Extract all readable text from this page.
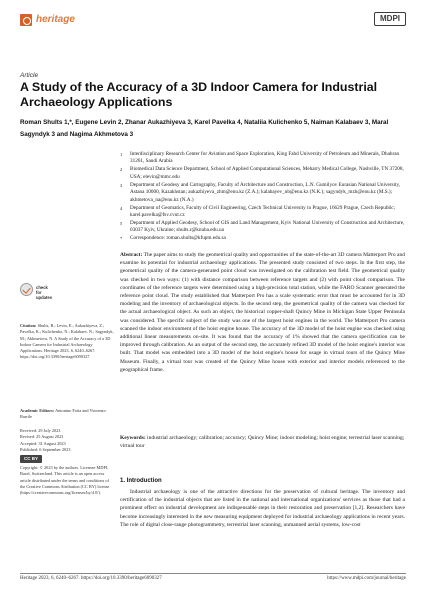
heritage	MDPI
Article
A Study of the Accuracy of a 3D Indoor Camera for Industrial Archaeology Applications
Roman Shults 1,*, Eugene Levin 2, Zhanar Aukazhiyeva 3, Karel Pavelka 4, Nataliia Kulichenko 5, Naiman Kalabaev 3, Maral Sagyndyk 3 and Nagima Akhmetova 3
1	Interdisciplinary Research Center for Aviation and Space Exploration, King Fahd University of Petroleum and Minerals, Dhahran 31261, Saudi Arabia
2	Biomedical Data Science Department, School of Applied Computational Sciences, Meharry Medical College, Nashville, TN 37208, USA; elevin@mmc.edu
3	Department of Geodesy and Cartography, Faculty of Architecture and Construction, L.N. Gumilyov Eurasian National University, Astana 10000, Kazakhstan; aukazhiyeva_zhm@enu.kz (Z.A.); kalabayev_nb@enu.kz (N.K.); sagyndyk_mzh@enu.kz (M.S.); akhmetova_na@enu.kz (N.A.)
4	Department of Geomatics, Faculty of Civil Engineering, Czech Technical University in Prague, 16629 Prague, Czech Republic; karel.pavelka@fsv.cvut.cz
5	Department of Applied Geodesy, School of GIS and Land Management, Kyiv National University of Construction and Architecture, 03037 Kyiv, Ukraine; shults.r@knuba.edu.ua
*	Correspondence: roman.shults@kfupm.edu.sa
check for
updates
Citation: Shults, R.; Levin, E.; Aukazhiyeva, Z.; Pavelka, K.; Kulichenko, N.; Kalabaev, N.; Sagyndyk, M.; Akhmetova, N. A Study of the Accuracy of a 3D Indoor Camera for Industrial Archaeology Applications. Heritage 2023, 6, 6240–6267. https://doi.org/10.3390/heritage6090327
Academic Editors: Antonino Fotia and Vincenzo Barrile
Received: 29 July 2023
Revised: 25 August 2023
Accepted: 31 August 2023
Published: 6 September 2023
CC BY
Copyright: © 2023 by the authors. Licensee MDPI, Basel, Switzerland. This article is an open access article distributed under the terms and conditions of the Creative Commons Attribution (CC BY) license (https://creativecommons.org/licenses/by/4.0/).
Abstract: The paper aims to study the geometrical quality and opportunities of the state-of-the-art 3D camera Matterport Pro and examine its potential for industrial archaeology applications. The presented study consisted of two steps. In the first step, the geometrical quality of the camera-generated point cloud was investigated on the calibration test field. The geometrical quality was checked in two ways: (1) with distance comparison between reference targets and (2) with point cloud comparison. The coordinates of the reference targets were determined using a high-precision total station, while the FARO Scanner generated the reference point cloud. The study established that Matterport Pro has a scale systematic error that must be accounted for in 3D modeling and the inventory of archaeological objects. In the second step, the geometrical quality of the camera was checked for the actual archaeological object. As such an object, the historical copper-shaft Quincy Mine in Michigan State Upper Peninsula was considered. The specific subject of the study was one of the largest hoist engines in the world. The Matterport Pro camera scanned the indoor environment of the hoist engine house. The accuracy of the 3D model of the hoist engine was checked using additional linear measurements on-site. It was found that the accuracy of 1% showed that the camera specification can be improved through calibration. As an output of the second step, the accurately refined 3D model of the hoist engine's interior was built. That model was embedded into a 3D model of the hoist engine's house for usage in virtual tours of the Quincy Mine Museum. Finally, a virtual tour was created of the Quincy Mine house with exterior and interior models referenced to the geographical frame.
Keywords: industrial archaeology; calibration; accuracy; Quincy Mine; indoor modeling; hoist engine; terrestrial laser scanning; virtual tour
1. Introduction
Industrial archaeology is one of the attractive directions for the preservation of cultural heritage. The inventory and certification of the industrial objects that are listed in the national and international organizations' services as those that had a prominent effect on industrial development are indispensable steps in their restoration and preservation [1,2]. Researchers have become increasingly interested in the new measuring equipment deployed for industrial archaeology applications in recent years. The role of digital close-range photogrammetry, terrestrial laser scanning, unmanned aerial systems, low-cost
Heritage 2023, 6, 6240–6267. https://doi.org/10.3390/heritage6090327	https://www.mdpi.com/journal/heritage
